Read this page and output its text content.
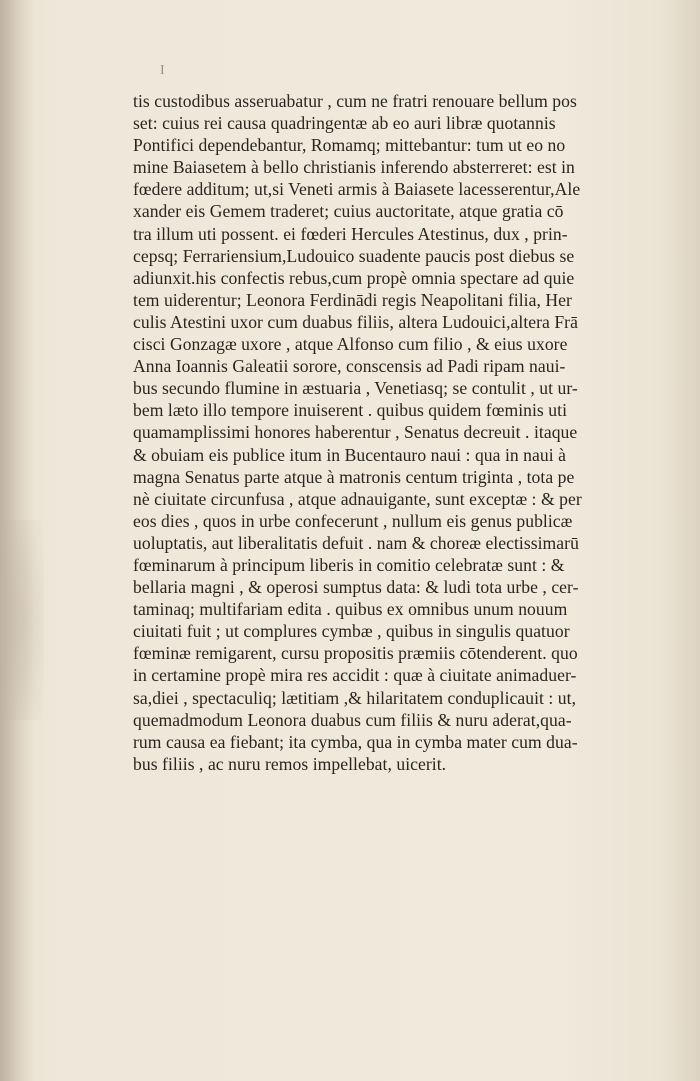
I
tis custodibus asseruabatur , cum ne fratri renouare bellum pos
set: cuius rei causa quadringentæ ab eo auri libræ quotannis
Pontifici dependebantur, Romamq; mittebantur: tum ut eo no
mine Baiasetem à bello christianis inferendo absterreret: est in
fœdere additum; ut,si Veneti armis à Baiasete lacesserentur,Ale
xander eis Gemem traderet; cuius auctoritate, atque gratia cō
tra illum uti possent. ei fœderi Hercules Atestinus, dux , prin-
cepsq; Ferrariensium,Ludouico suadente paucis post diebus se
adiunxit.his confectis rebus,cum propè omnia spectare ad quie
tem uiderentur; Leonora Ferdinādi regis Neapolitani filia, Her
culis Atestini uxor cum duabus filiis, altera Ludouici,altera Frā
cisci Gonzagæ uxore , atque Alfonso cum filio , & eius uxore
Anna Ioannis Galeatii sorore, conscensis ad Padi ripam naui-
bus secundo flumine in æstuaria , Venetiasq; se contulit , ut ur-
bem læto illo tempore inuiserent . quibus quidem fœminis uti
quamamplissimi honores haberentur , Senatus decreuit . itaque
& obuiam eis publice itum in Bucentauro naui : qua in naui à
magna Senatus parte atque à matronis centum triginta , tota pe
nè ciuitate circunfusa , atque adnauigante, sunt exceptæ : & per
eos dies , quos in urbe confecerunt , nullum eis genus publicæ
uoluptatis, aut liberalitatis defuit . nam & choreæ electissimarū
fœminarum à principum liberis in comitio celebratæ sunt : &
bellaria magni , & operosi sumptus data: & ludi tota urbe , cer-
taminaq; multifariam edita . quibus ex omnibus unum nouum
ciuitati fuit ; ut complures cymbæ , quibus in singulis quatuor
fœminæ remigarent, cursu propositis præmiis cōtenderent. quo
in certamine propè mira res accidit : quæ à ciuitate animaduer-
sa,diei , spectaculiq; lætitiam ,& hilaritatem conduplicauit : ut,
quemadmodum Leonora duabus cum filiis & nuru aderat,qua-
rum causa ea fiebant; ita cymba, qua in cymba mater cum dua-
bus filiis , ac nuru remos impellebat, uicerit.
